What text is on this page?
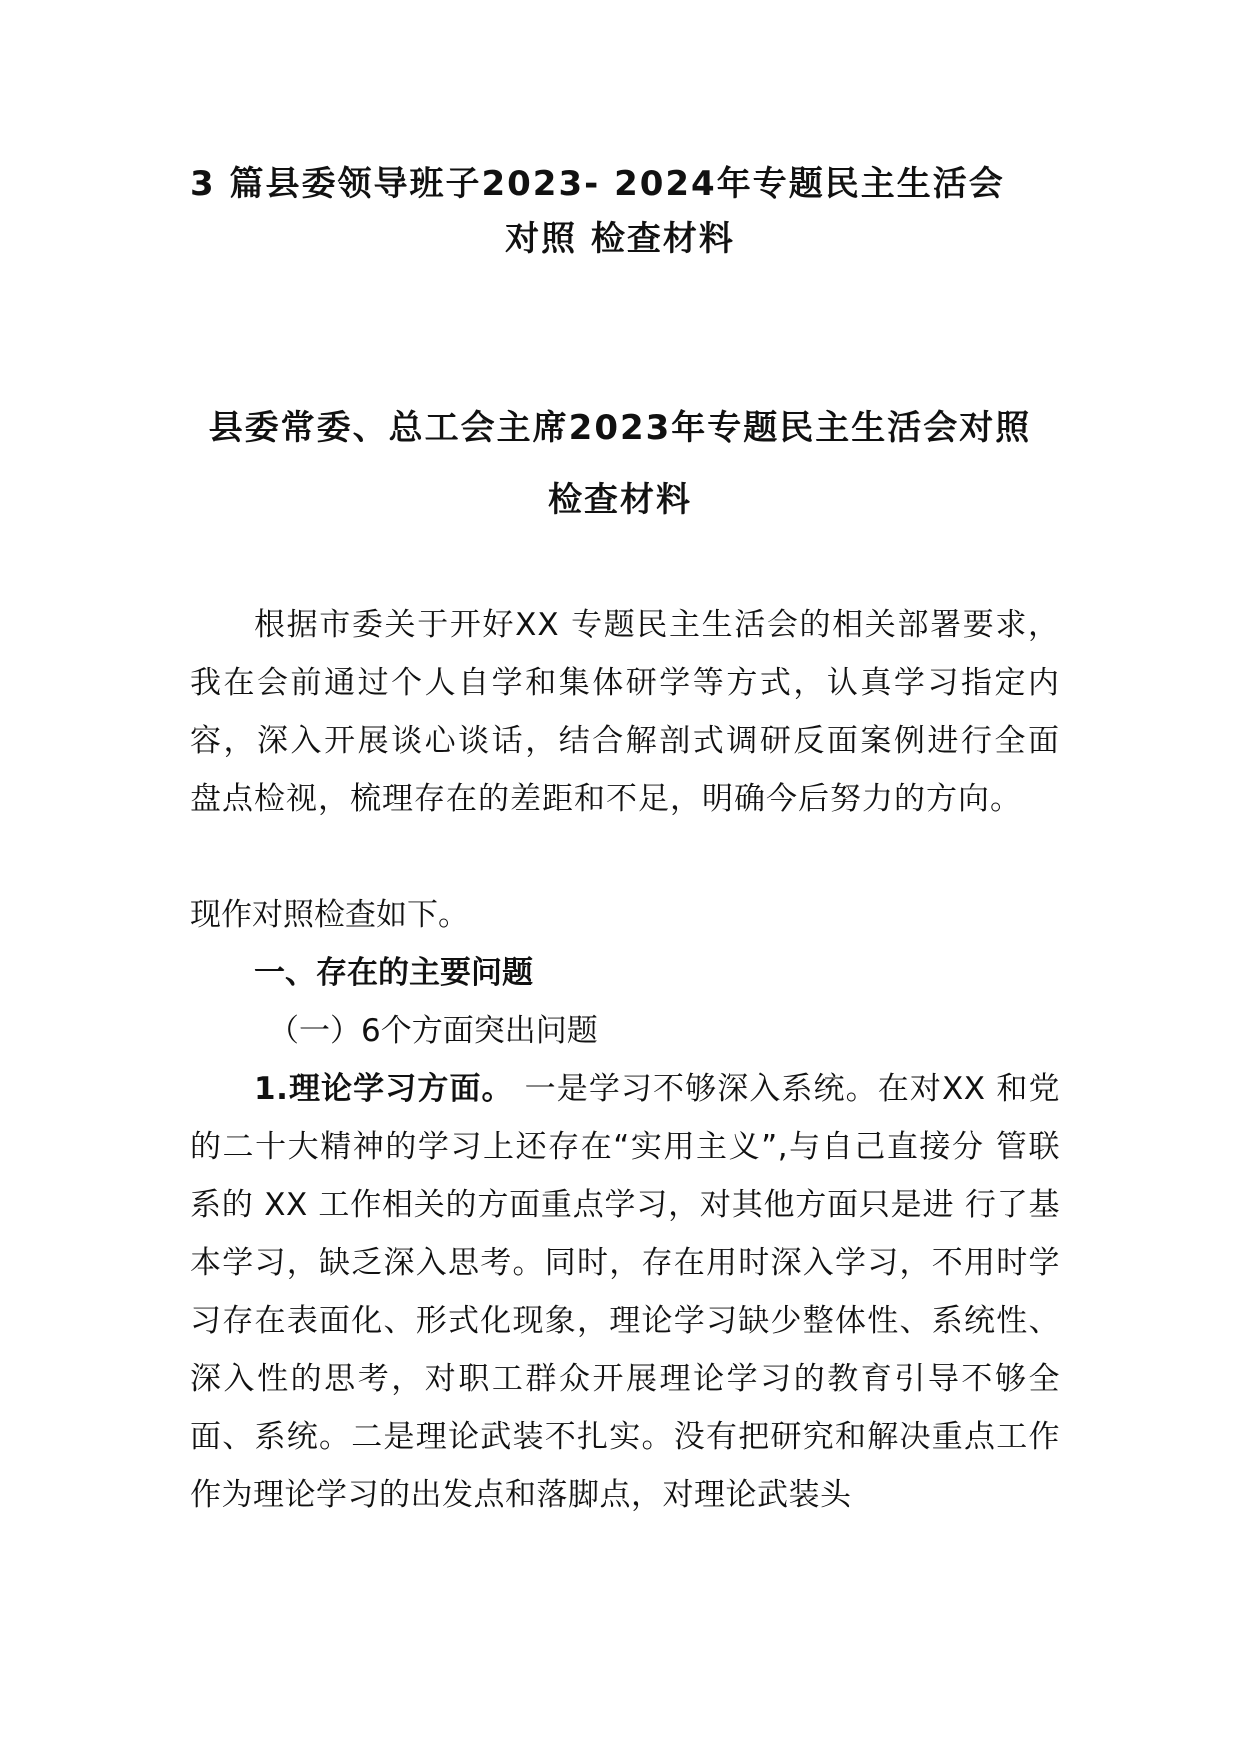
3 篇县委领导班子2023- 2024年专题民主生活会
对照 检查材料
县委常委、总工会主席2023年专题民主生活会对照
检查材料

根据市委关于开好XX 专题民主生活会的相关部署要求， 我在会前通过个人自学和集体研学等方式，认真学习指定内 容，深入开展谈心谈话，结合解剖式调研反面案例进行全面 盘点检视，梳理存在的差距和不足，明确今后努力的方向。

现作对照检查如下。

一、存在的主要问题
（一）6个方面突出问题

1.理论学习方面。 一是学习不够深入系统。在对XX 和党的二十大精神的学习上还存在“实用主义”,与自己直接分 管联系的 XX 工作相关的方面重点学习，对其他方面只是进 行了基本学习，缺乏深入思考。同时，存在用时深入学习，不用时学习存在表面化、形式化现象，理论学习缺少整体性、系统性、深入性的思考，对职工群众开展理论学习的教育引导不够全面、系统。二是理论武装不扎实。没有把研究和解决重点工作作为理论学习的出发点和落脚点，对理论武装头
